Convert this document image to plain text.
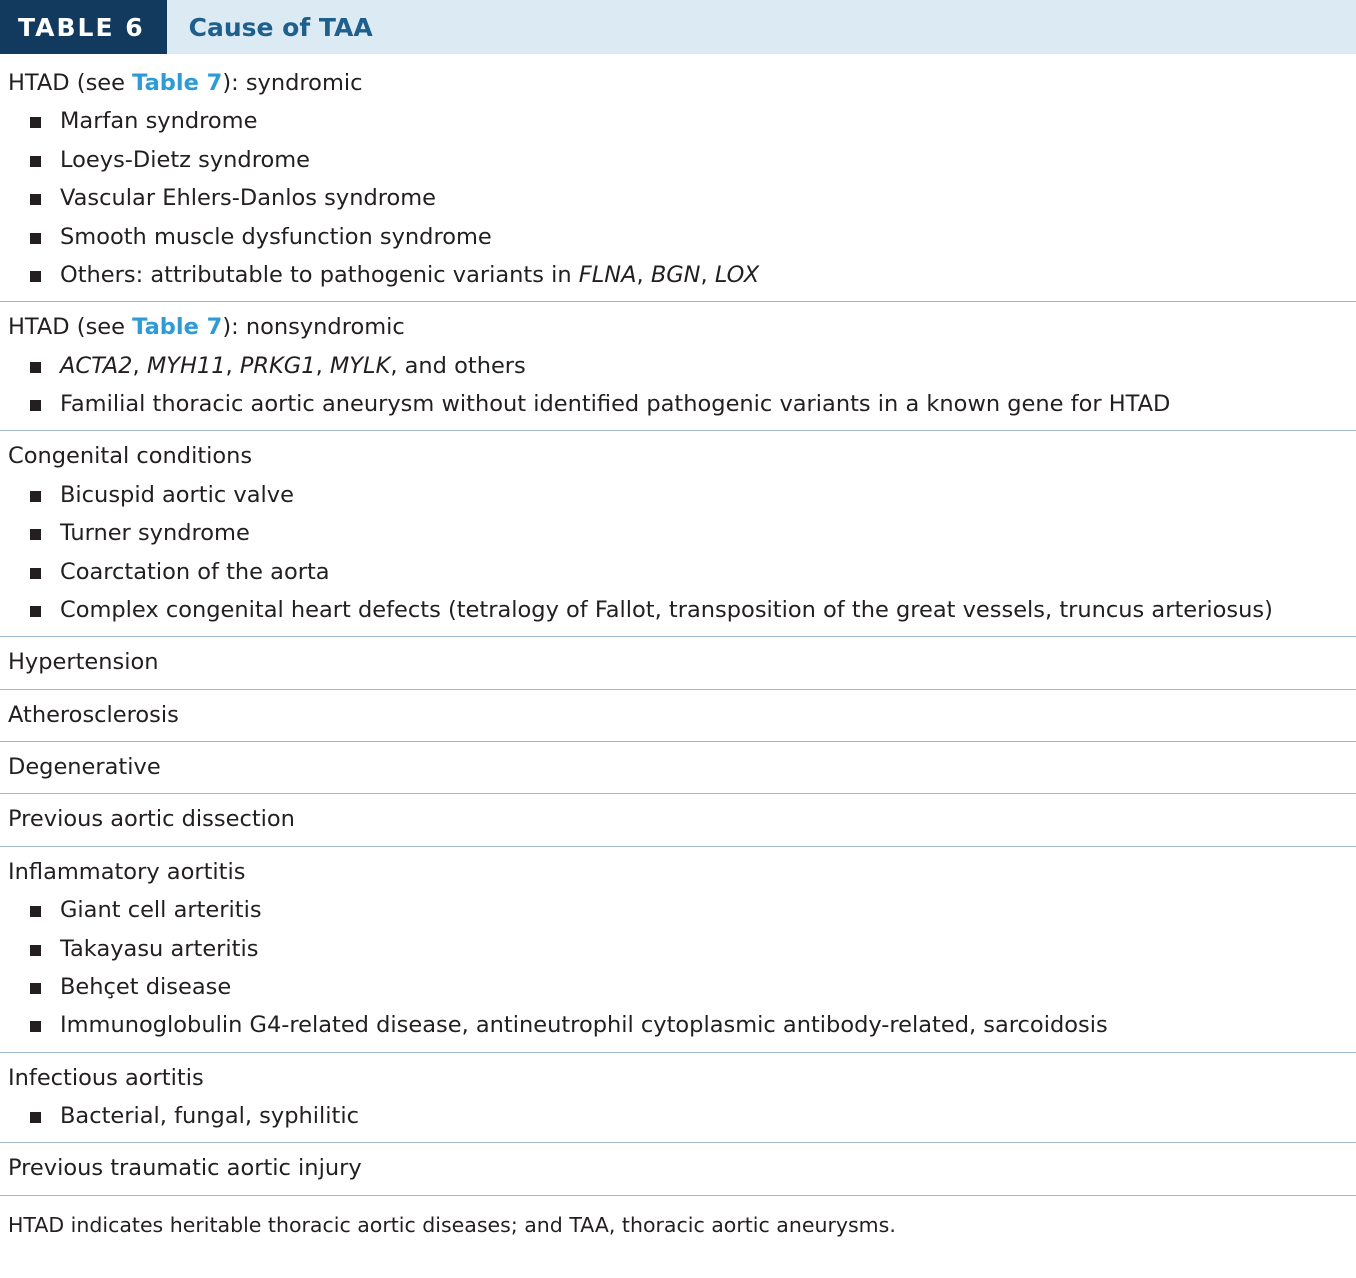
TABLE 6	Cause of TAA
HTAD (see Table 7): syndromic
Marfan syndrome
Loeys-Dietz syndrome
Vascular Ehlers-Danlos syndrome
Smooth muscle dysfunction syndrome
Others: attributable to pathogenic variants in FLNA, BGN, LOX
HTAD (see Table 7): nonsyndromic
ACTA2, MYH11, PRKG1, MYLK, and others
Familial thoracic aortic aneurysm without identified pathogenic variants in a known gene for HTAD
Congenital conditions
Bicuspid aortic valve
Turner syndrome
Coarctation of the aorta
Complex congenital heart defects (tetralogy of Fallot, transposition of the great vessels, truncus arteriosus)
Hypertension
Atherosclerosis
Degenerative
Previous aortic dissection
Inflammatory aortitis
Giant cell arteritis
Takayasu arteritis
Behçet disease
Immunoglobulin G4-related disease, antineutrophil cytoplasmic antibody-related, sarcoidosis
Infectious aortitis
Bacterial, fungal, syphilitic
Previous traumatic aortic injury
HTAD indicates heritable thoracic aortic diseases; and TAA, thoracic aortic aneurysms.
